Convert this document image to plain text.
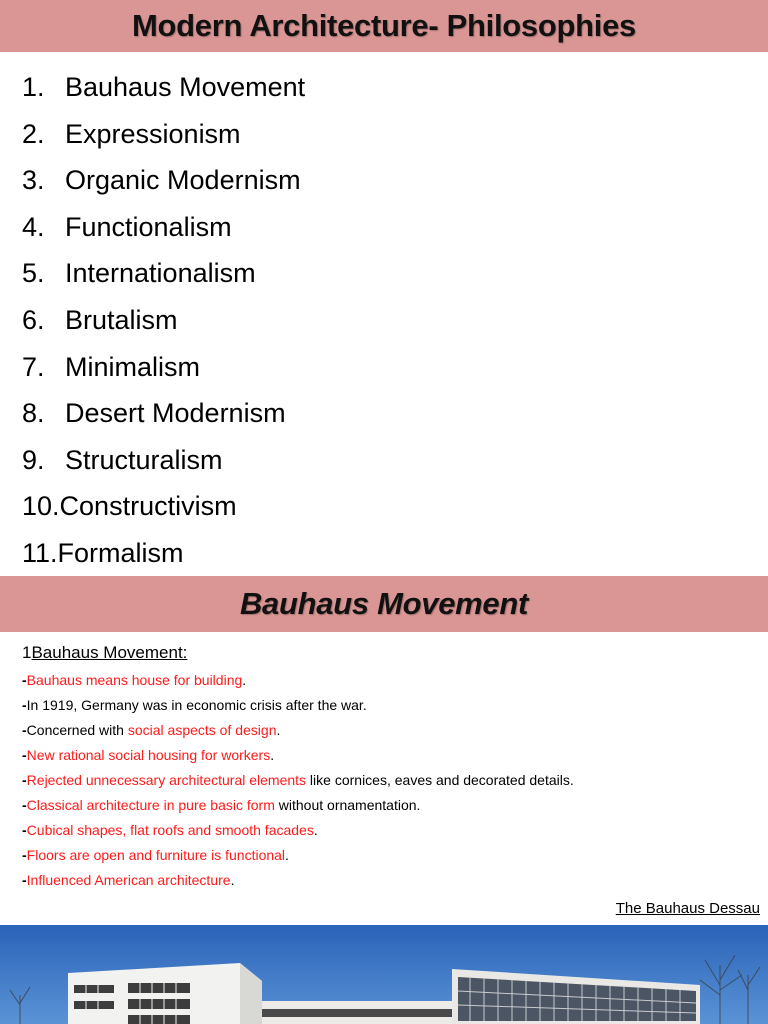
Modern Architecture- Philosophies
1. Bauhaus Movement
2. Expressionism
3. Organic Modernism
4. Functionalism
5. Internationalism
6. Brutalism
7. Minimalism
8. Desert Modernism
9. Structuralism
10. Constructivism
11. Formalism
Bauhaus Movement
1Bauhaus Movement:
-Bauhaus means house for building.
-In 1919, Germany was in economic crisis after the war.
-Concerned with social aspects of design.
-New rational social housing for workers.
-Rejected unnecessary architectural elements like cornices, eaves and decorated details.
-Classical architecture in pure basic form without ornamentation.
-Cubical shapes, flat roofs and smooth facades.
-Floors are open and furniture is functional.
-Influenced American architecture.
The Bauhaus Dessau
